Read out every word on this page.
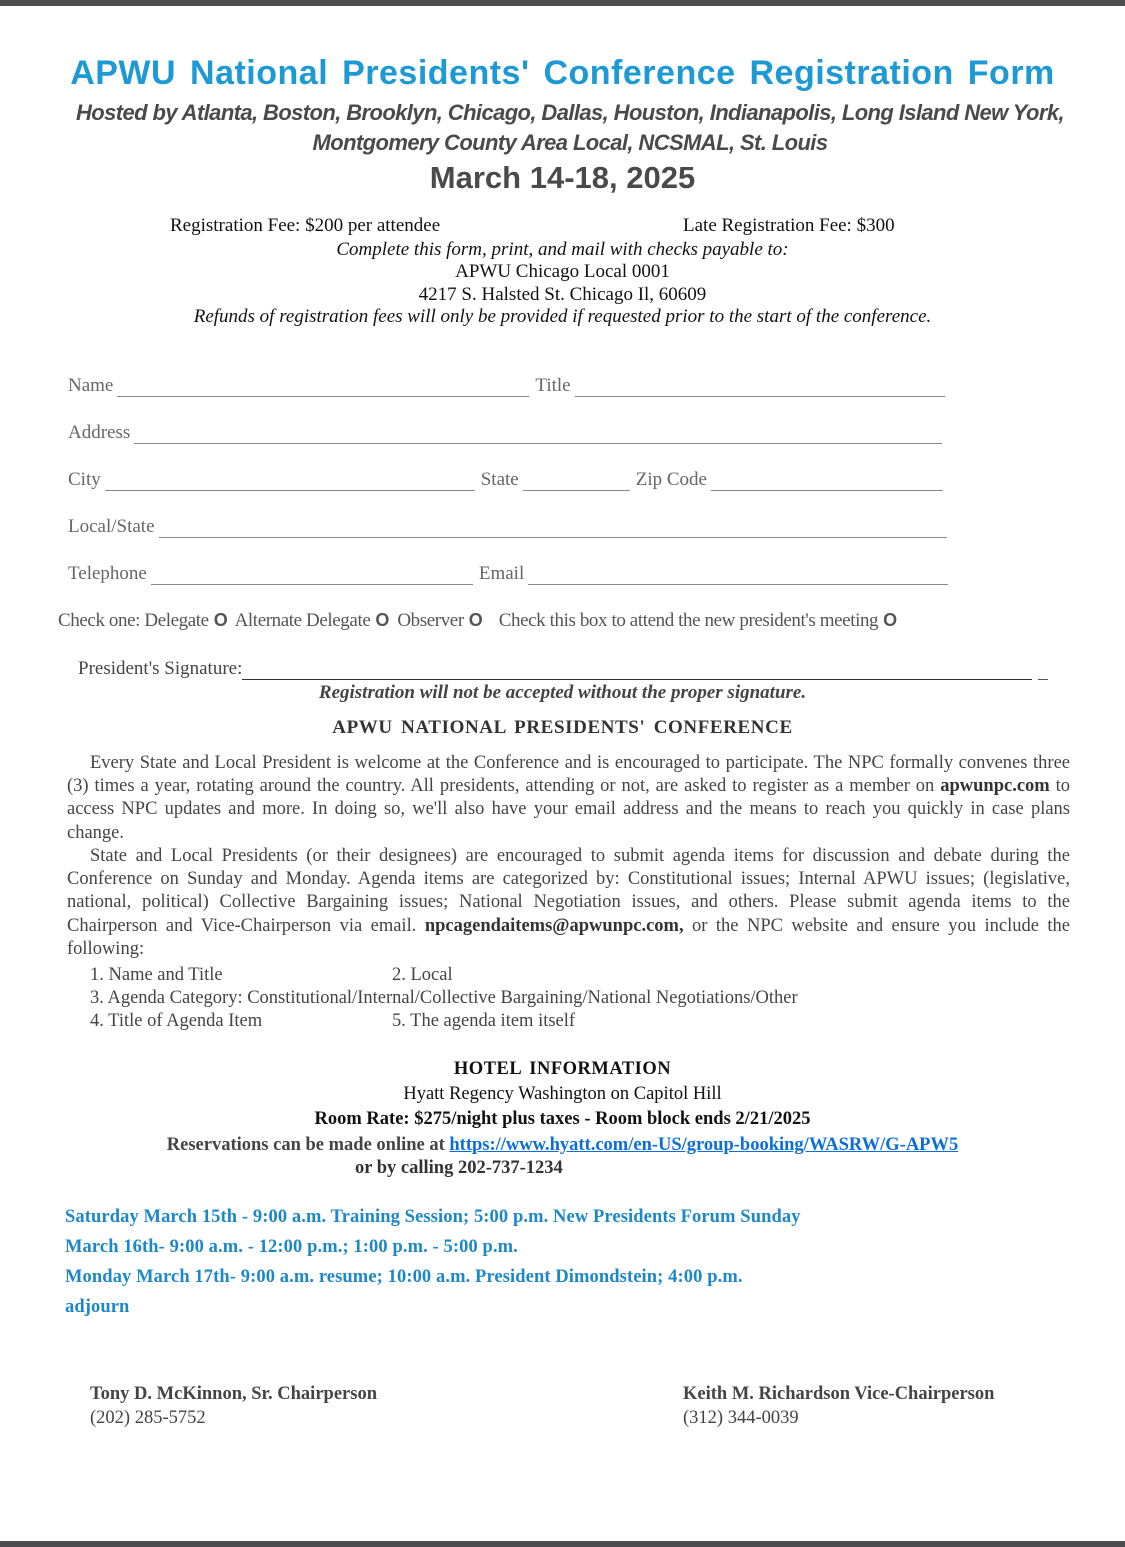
APWU National Presidents' Conference Registration Form
Hosted by Atlanta, Boston, Brooklyn, Chicago, Dallas, Houston, Indianapolis, Long Island New York, Montgomery County Area Local, NCSMAL, St. Louis
March 14-18, 2025
Registration Fee: $200 per attendee	Late Registration Fee: $300
Complete this form, print, and mail with checks payable to:
APWU Chicago Local 0001
4217 S. Halsted St. Chicago Il, 60609
Refunds of registration fees will only be provided if requested prior to the start of the conference.
Name	Title
Address
City	State	Zip Code
Local/State
Telephone	Email
Check one: Delegate O Alternate Delegate O Observer O Check this box to attend the new president's meeting O
President's Signature:
Registration will not be accepted without the proper signature.
APWU NATIONAL PRESIDENTS' CONFERENCE
Every State and Local President is welcome at the Conference and is encouraged to participate. The NPC formally convenes three (3) times a year, rotating around the country. All presidents, attending or not, are asked to register as a member on apwunpc.com to access NPC updates and more. In doing so, we'll also have your email address and the means to reach you quickly in case plans change.
State and Local Presidents (or their designees) are encouraged to submit agenda items for discussion and debate during the Conference on Sunday and Monday. Agenda items are categorized by: Constitutional issues; Internal APWU issues; (legislative, national, political) Collective Bargaining issues; National Negotiation issues, and others. Please submit agenda items to the Chairperson and Vice-Chairperson via email. npcagendaitems@apwunpc.com, or the NPC website and ensure you include the following:
1. Name and Title	2. Local
3. Agenda Category: Constitutional/Internal/Collective Bargaining/National Negotiations/Other
4. Title of Agenda Item	5. The agenda item itself
HOTEL INFORMATION
Hyatt Regency Washington on Capitol Hill
Room Rate: $275/night plus taxes - Room block ends 2/21/2025
Reservations can be made online at https://www.hyatt.com/en-US/group-booking/WASRW/G-APW5
or by calling 202-737-1234
Saturday March 15th - 9:00 a.m. Training Session; 5:00 p.m. New Presidents Forum Sunday
March 16th- 9:00 a.m. - 12:00 p.m.; 1:00 p.m. - 5:00 p.m.
Monday March 17th- 9:00 a.m. resume; 10:00 a.m. President Dimondstein; 4:00 p.m.
adjourn
Tony D. McKinnon, Sr. Chairperson
(202) 285-5752
Keith M. Richardson Vice-Chairperson
(312) 344-0039
